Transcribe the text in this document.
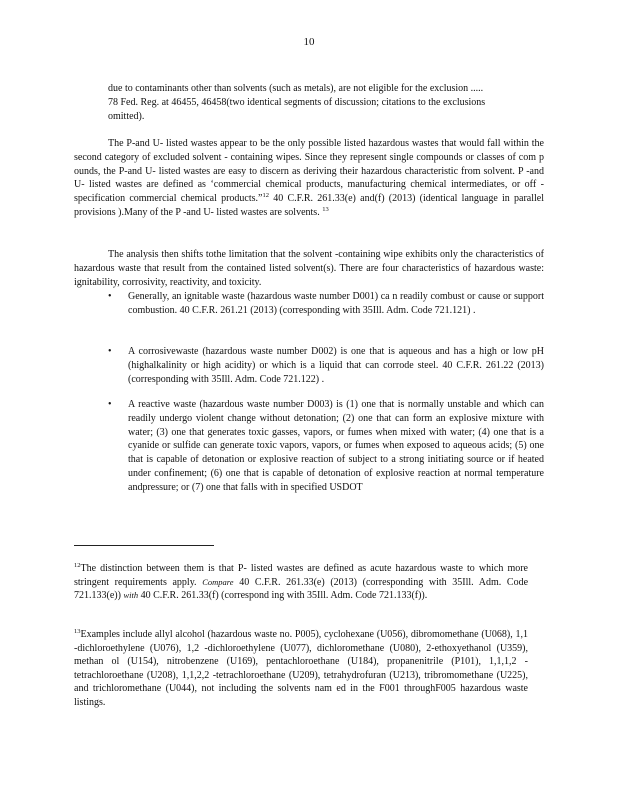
10

due to contaminants other than solvents (such as metals), are not eligible for the exclusion ..... 78 Fed. Reg. at 46455, 46458(two identical segments of discussion; citations to the exclusions omitted).

The P-and U- listed wastes appear to be the only possible listed hazardous wastes that would fall within the second category of excluded solvent - containing wipes. Since they represent single compounds or classes of com p ounds, the P-and U- listed wastes are easy to discern as deriving their hazardous characteristic from solvent. P -and U- listed wastes are defined as ‘commercial chemical products, manufacturing chemical intermediates, or off - specification commercial chemical products.”$^{12}$ 40 C.F.R. 261.33(e) and(f) (2013) (identical language in parallel provisions ).Many of the P -and U- listed wastes are solvents. $^{13}$

The analysis then shifts tothe limitation that the solvent -containing wipe exhibits only the characteristics of hazardous waste that result from the contained listed solvent(s). There are four characteristics of hazardous waste: ignitability, corrosivity, reactivity, and toxicity.

• Generally, an ignitable waste (hazardous waste number D001) ca n readily combust or cause or support combustion. 40 C.F.R. 261.21 (2013) (corresponding with 35Ill. Adm. Code 721.121) .
• A corrosivewaste (hazardous waste number D002) is one that is aqueous and has a high or low pH (highalkalinity or high acidity) or which is a liquid that can corrode steel. 40 C.F.R. 261.22 (2013) (corresponding with 35Ill. Adm. Code 721.122) .
• A reactive waste (hazardous waste number D003) is (1) one that is normally unstable and which can readily undergo violent change without detonation; (2) one that can form an explosive mixture with water; (3) one that generates toxic gasses, vapors, or fumes when mixed with water; (4) one that is a cyanide or sulfide can generate toxic vapors, vapors, or fumes when exposed to aqueous acids; (5) one that is capable of detonation or explosive reaction of subject to a strong initiating source or if heated under confinement; (6) one that is capable of detonation of explosive reaction at normal temperature andpressure; or (7) one that falls with in specified USDOT

$^{12}$The distinction between them is that P- listed wastes are defined as acute hazardous waste to which more stringent requirements apply. Compare 40 C.F.R. 261.33(e) (2013) (corresponding with 35Ill. Adm. Code 721.133(e)) with 40 C.F.R. 261.33(f) (correspond ing with 35Ill. Adm. Code 721.133(f)).

$^{13}$Examples include allyl alcohol (hazardous waste no. P005), cyclohexane (U056), dibromomethane (U068), 1,1 -dichloroethylene (U076), 1,2 -dichloroethylene (U077), dichloromethane (U080), 2-ethoxyethanol (U359), methan ol (U154), nitrobenzene (U169), pentachloroethane (U184), propanenitrile (P101), 1,1,1,2 -tetrachloroethane (U208), 1,1,2,2 -tetrachloroethane (U209), tetrahydrofuran (U213), tribromomethane (U225), and trichloromethane (U044), not including the solvents nam ed in the F001 throughF005 hazardous waste listings.
